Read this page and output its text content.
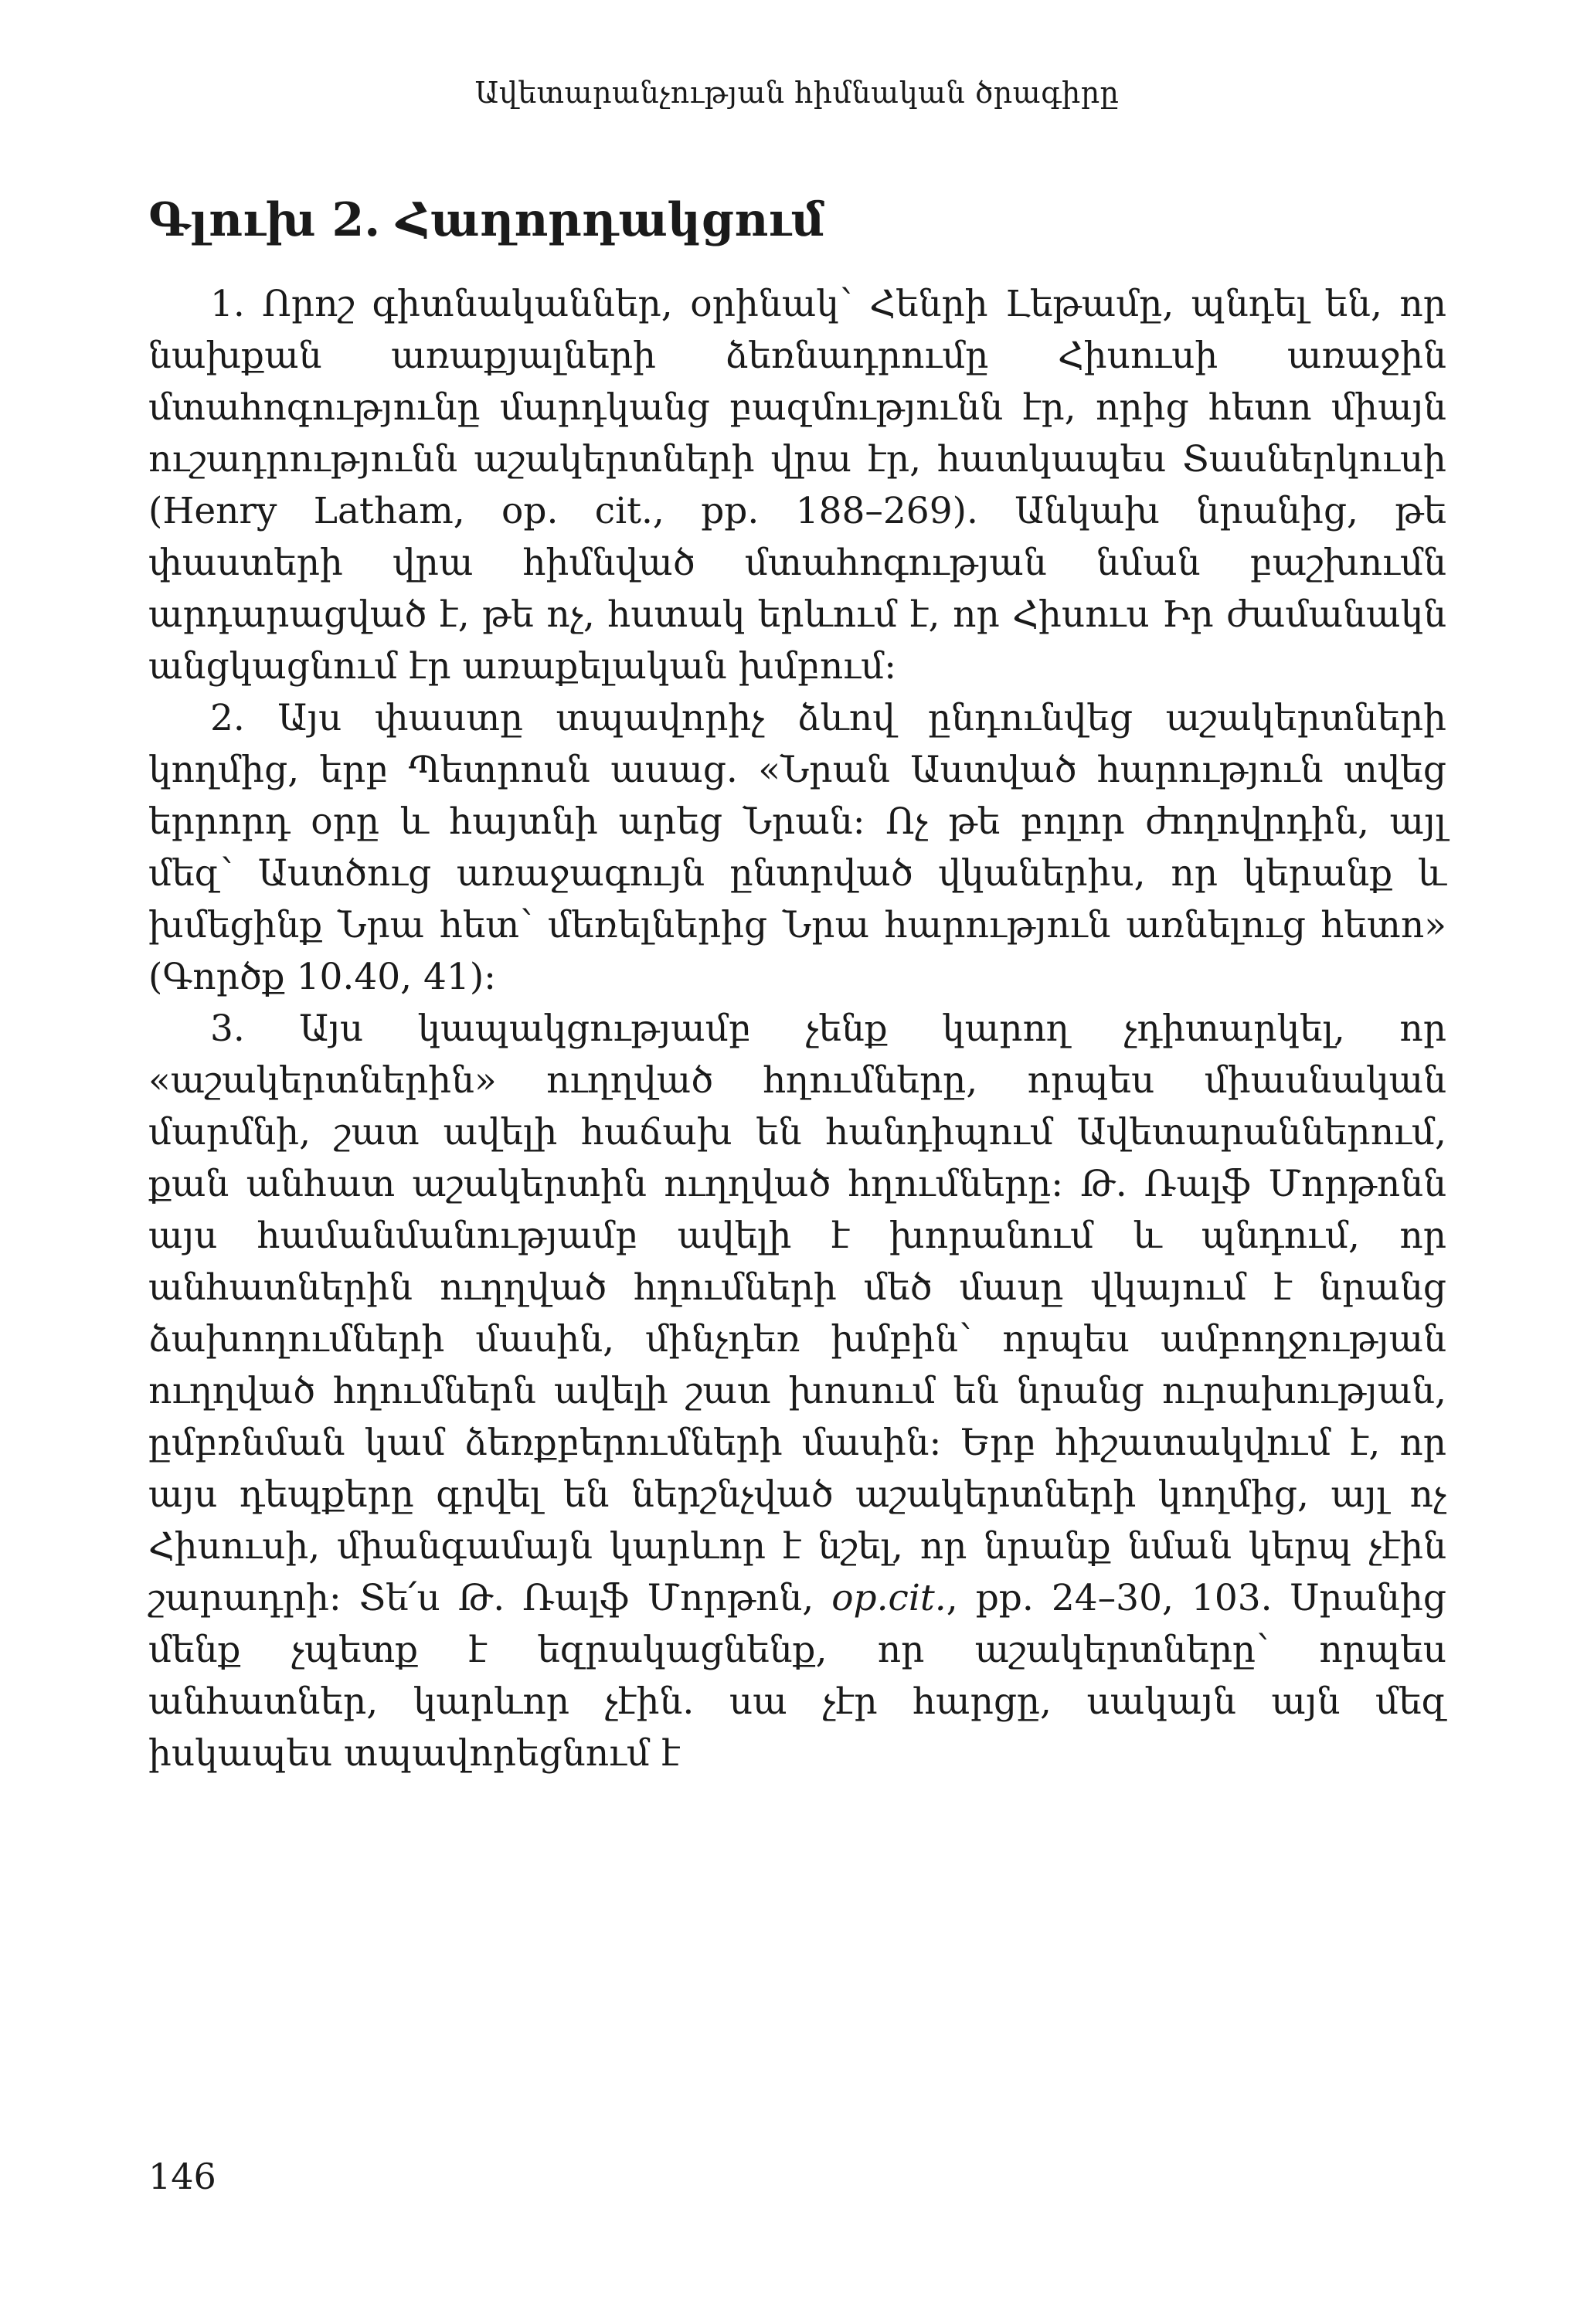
Ավետարանչության հիմնական ծրագիրը
Գլուխ 2. Հաղորդակցում

1. Որոշ գիտնականներ, օրինակ՝ Հենրի Լեթամը, պնդել են, որ նախքան առաքյալների ձեռնադրումը Հիսուսի առաջին մտահոգությունը մարդկանց բազմությունն էր, որից հետո միայն ուշադրությունն աշակերտների վրա էր, հատկապես Տասներկուսի (Henry Latham, op. cit., pp. 188–269). Անկախ նրանից, թե փաստերի վրա հիմնված մտահոգության նման բաշխումն արդարացված է, թե ոչ, հստակ երևում է, որ Հիսուս Իր ժամանակն անցկացնում էր առաքելական խմբում:

2. Այս փաստը տպավորիչ ձևով ընդունվեց աշակերտների կողմից, երբ Պետրոսն ասաց. «Նրան Աստված հարություն տվեց երրորդ օրը և հայտնի արեց Նրան: Ոչ թե բոլոր ժողովրդին, այլ մեզ՝ Աստծուց առաջագույն ընտրված վկաներիս, որ կերանք և խմեցինք Նրա հետ՝ մեռելներից Նրա հարություն առնելուց հետո» (Գործք 10.40, 41):

3. Այս կապակցությամբ չենք կարող չդիտարկել, որ «աշակերտներին» ուղղված հղումները, որպես միասնական մարմնի, շատ ավելի հաճախ են հանդիպում Ավետարաններում, քան անհատ աշակերտին ուղղված հղումները: Թ. Ռալֆ Մորթոնն այս համանմանությամբ ավելի է խորանում և պնդում, որ անհատներին ուղղված հղումների մեծ մասը վկայում է նրանց ձախողումների մասին, մինչդեռ խմբին՝ որպես ամբողջության ուղղված հղումներն ավելի շատ խոսում են նրանց ուրախության, ըմբռնման կամ ձեռքբերումների մասին: Երբ հիշատակվում է, որ այս դեպքերը գրվել են ներշնչված աշակերտների կողմից, այլ ոչ Հիսուսի, միանգամայն կարևոր է նշել, որ նրանք նման կերպ չէին շարադրի: Տե՛ս Թ. Ռալֆ Մորթոն, op.cit., pp. 24–30, 103. Սրանից մենք չպետք է եզրակացնենք, որ աշակերտները՝ որպես անհատներ, կարևոր չէին. սա չէր հարցը, սակայն այն մեզ իսկապես տպավորեցնում է

146
